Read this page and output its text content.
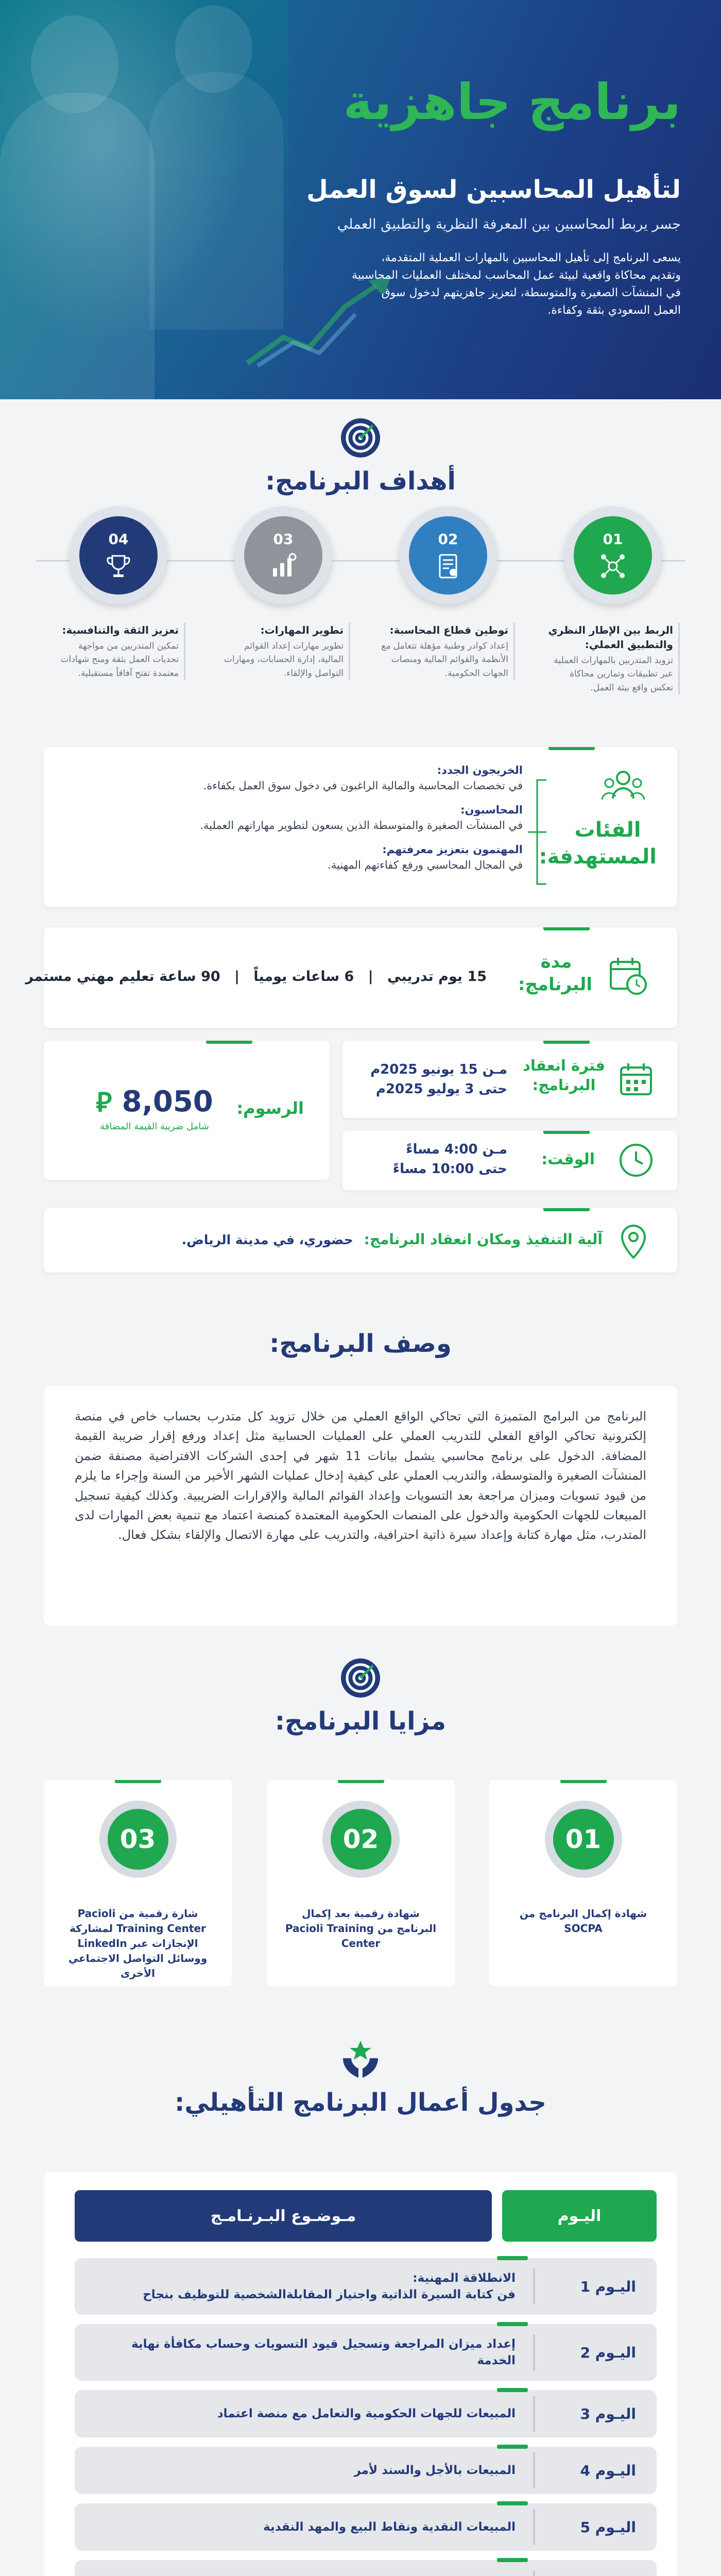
برنامج جاهزية
لتأهيل المحاسبين لسوق العمل
جسر يربط المحاسبين بين المعرفة النظرية والتطبيق العملي

يسعى البرنامج إلى تأهيل المحاسبين بالمهارات العملية المتقدمة، وتقديم محاكاة واقعية لبيئة عمل المحاسب لمختلف العمليات المحاسبية في المنشآت الصغيرة والمتوسطة، لتعزيز جاهزيتهم لدخول سوق العمل السعودي بثقة وكفاءة.

أهداف البرنامج:
01
الربط بين الإطار النظري والتطبيق العملي:
تزويد المتدربين بالمهارات العملية عبر تطبيقات وتمارين محاكاة تعكس واقع بيئة العمل.
02
توطين قطاع المحاسبة:
إعداد كوادر وطنية مؤهلة تتعامل مع الأنظمة والقوائم المالية ومنصات الجهات الحكومية.
03
تطوير المهارات:
تطوير مهارات إعداد القوائم المالية، إدارة الحسابات، ومهارات التواصل والإلقاء.
04
تعزيز الثقة والتنافسية:
تمكين المتدربين من مواجهة تحديات العمل بثقة ومنح شهادات معتمدة تفتح آفاقاً مستقبلية.
الفئات المستهدفة:
الخريجون الجدد:
في تخصصات المحاسبة والمالية الراغبون في دخول سوق العمل بكفاءة.
المحاسبون:
في المنشآت الصغيرة والمتوسطة الذين يسعون لتطوير مهاراتهم العملية.
المهتمون بتعزيز معرفتهم:
في المجال المحاسبي ورفع كفاءتهم المهنية.
مدة البرنامج:
15 يوم تدريبي | 6 ساعات يومياً | 90 ساعة تعليم مهني مستمر
فترة انعقاد البرنامج:
مـن 15 يونيو 2025م
حتى 3 يوليو 2025م
الرسوم:
⃁ 8,050
شامل ضريبة القيمة المضافة
الوقت:
مـن 4:00 مساءً
حتى 10:00 مساءً
آلية التنفيذ ومكان انعقاد البرنامج: حضوري، في مدينة الرياض.
وصف البرنامج:

البرنامج من البرامج المتميزة التي تحاكي الواقع العملي من خلال تزويد كل متدرب بحساب خاص في منصة إلكترونية تحاكي الواقع الفعلي للتدريب العملي على العمليات الحسابية مثل إعداد ورفع إقرار ضريبة القيمة المضافة. الدخول على برنامج محاسبي يشمل بيانات 11 شهر في إحدى الشركات الافتراضية مصنفة ضمن المنشآت الصغيرة والمتوسطة، والتدريب العملي على كيفية إدخال عمليات الشهر الأخير من السنة وإجراء ما يلزم من قيود تسويات وميزان مراجعة بعد التسويات وإعداد القوائم المالية والإقرارات الضريبية. وكذلك كيفية تسجيل المبيعات للجهات الحكومية والدخول على المنصات الحكومية المعتمدة كمنصة اعتماد مع تنمية بعض المهارات لدى المتدرب، مثل مهارة كتابة وإعداد سيرة ذاتية احترافية، والتدريب على مهارة الاتصال والإلقاء بشكل فعال.

مزايا البرنامج:
01
شهادة إكمال البرنامج من SOCPA
02
شهادة رقمية بعد إكمال البرنامج من Pacioli Training Center
03
شارة رقمية من Pacioli Training Center لمشاركة الإنجازات عبر LinkedIn ووسائل التواصل الاجتماعي الأخرى
جدول أعمال البرنامج التأهيلي:
اليـوم
مـوضـوع البـرنـامـج
اليـوم 1
الانطلاقة المهنية:
فن كتابة السيرة الذاتية واجتياز المقابلةالشخصية للتوظيف بنجاح
اليـوم 2
إعداد ميزان المراجعة وتسجيل قيود التسويات وحساب مكافأة نهاية الخدمة
اليـوم 3
المبيعات للجهات الحكومية والتعامل مع منصة اعتماد
اليـوم 4
المبيعات بالأجل والسند لأمر
اليـوم 5
المبيعات النقدية ونقاط البيع والمهد النقدية
